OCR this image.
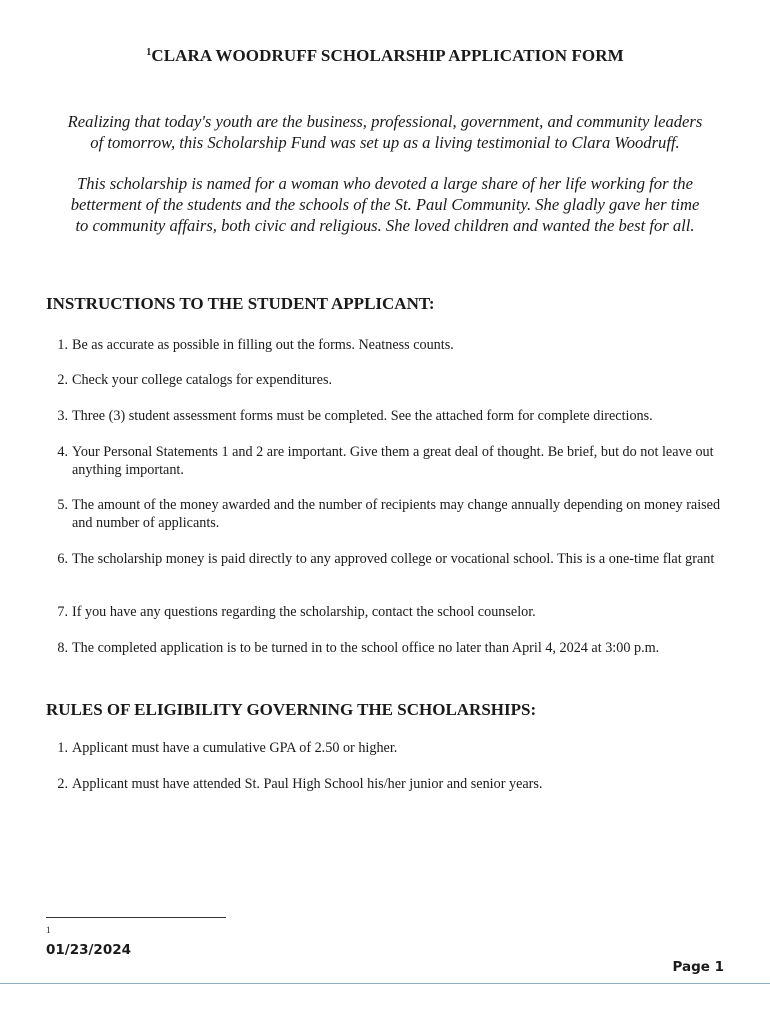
$^1$CLARA WOODRUFF SCHOLARSHIP APPLICATION FORM
Realizing that today's youth are the business, professional, government, and community leaders
of tomorrow, this Scholarship Fund was set up as a living testimonial to Clara Woodruff.
This scholarship is named for a woman who devoted a large share of her life working for the
betterment of the students and the schools of the St. Paul Community. She gladly gave her time
to community affairs, both civic and religious. She loved children and wanted the best for all.
INSTRUCTIONS TO THE STUDENT APPLICANT:
1. Be as accurate as possible in filling out the forms. Neatness counts.
2. Check your college catalogs for expenditures.
3. Three (3) student assessment forms must be completed. See the attached form for complete directions.
4. Your Personal Statements 1 and 2 are important. Give them a great deal of thought. Be brief, but do not leave out anything important.
5. The amount of the money awarded and the number of recipients may change annually depending on money raised and number of applicants.
6. The scholarship money is paid directly to any approved college or vocational school. This is a one-time flat grant
7. If you have any questions regarding the scholarship, contact the school counselor.
8. The completed application is to be turned in to the school office no later than April 4, 2024 at 3:00 p.m.
RULES OF ELIGIBILITY GOVERNING THE SCHOLARSHIPS:
1. Applicant must have a cumulative GPA of 2.50 or higher.
2. Applicant must have attended St. Paul High School his/her junior and senior years.
1
01/23/2024
Page 1
